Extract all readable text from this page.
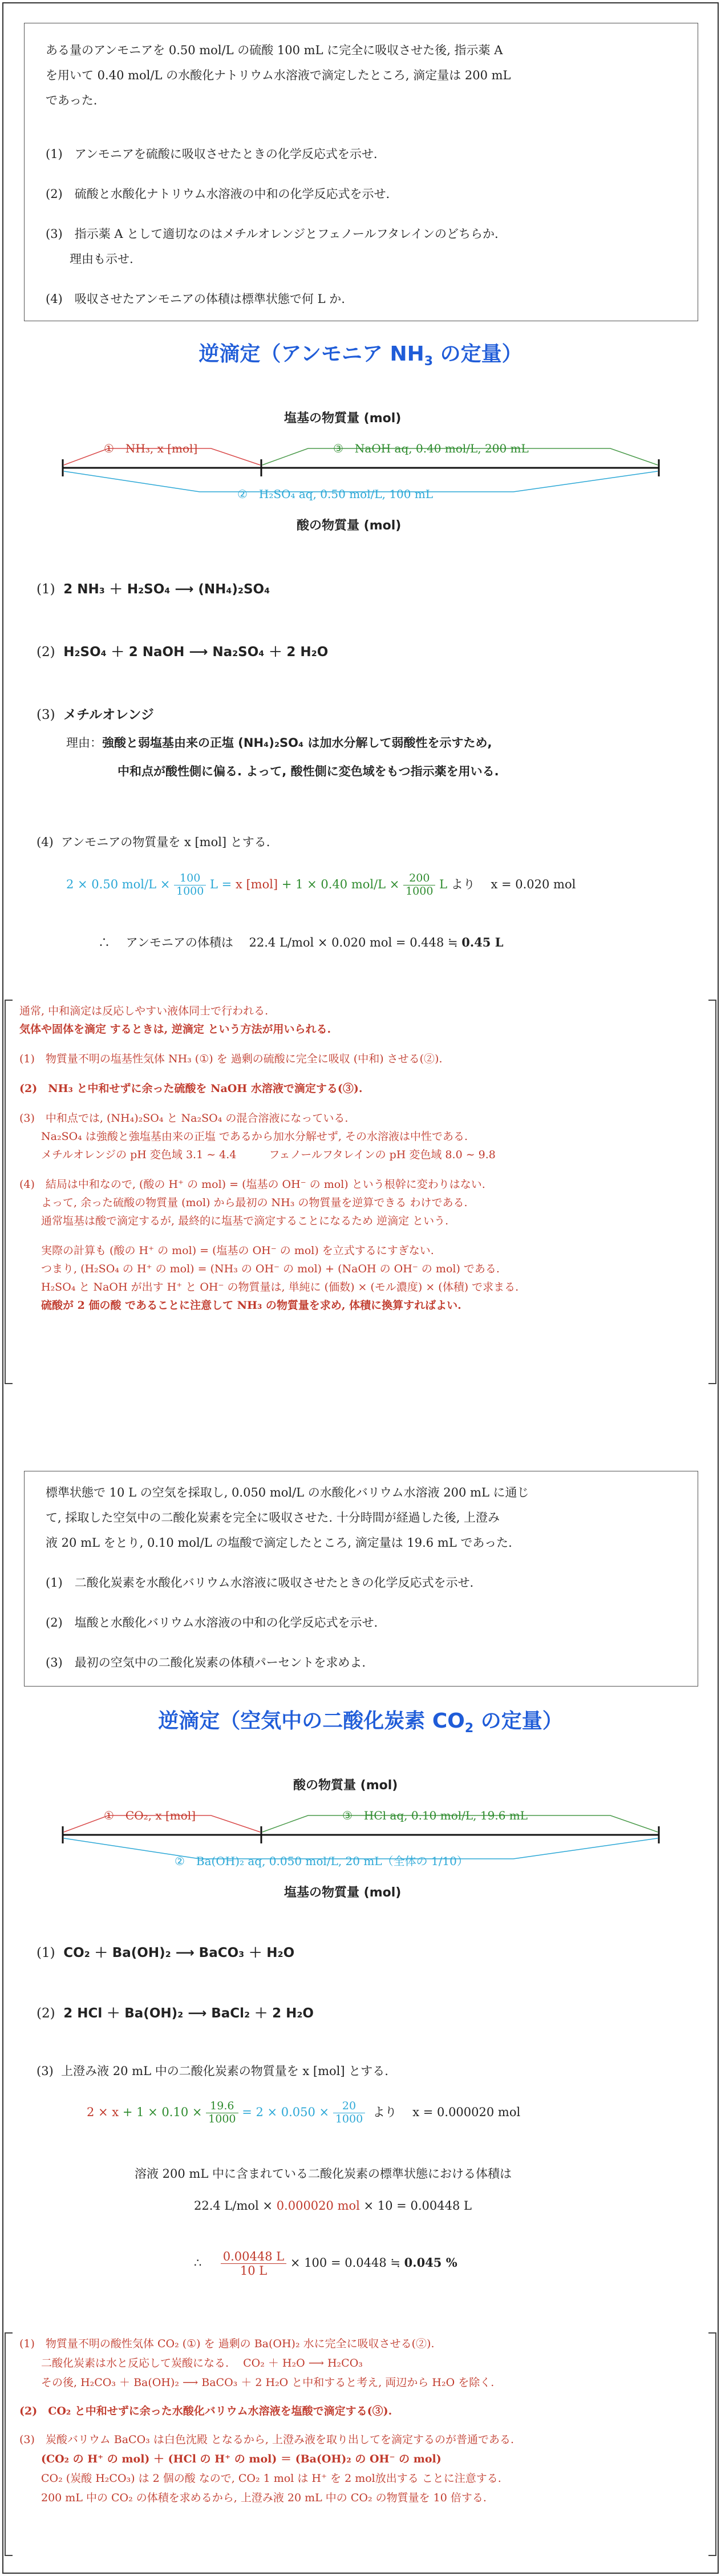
ある量のアンモニアを 0.50 mol/L の硫酸 100 mL に完全に吸収させた後, 指示薬 A
を用いて 0.40 mol/L の水酸化ナトリウム水溶液で滴定したところ, 滴定量は 200 mL
であった.
(1)　アンモニアを硫酸に吸収させたときの化学反応式を示せ.
(2)　硫酸と水酸化ナトリウム水溶液の中和の化学反応式を示せ.
(3)　指示薬 A として適切なのはメチルオレンジとフェノールフタレインのどちらか.
　　理由も示せ.
(4)　吸収させたアンモニアの体積は標準状態で何 L か.
逆滴定（アンモニア $NH_3$ の定量）
塩基の物質量 (mol)
①　NH₃, x [mol]	③　NaOH aq, 0.40 mol/L, 200 mL
②　H₂SO₄ aq, 0.50 mol/L, 100 mL
酸の物質量 (mol)
(1) 2 NH₃ ＋ H₂SO₄ ⟶ (NH₄)₂SO₄
(2) H₂SO₄ ＋ 2 NaOH ⟶ Na₂SO₄ ＋ 2 H₂O
(3) メチルオレンジ
理由：強酸と弱塩基由来の正塩 (NH₄)₂SO₄ は加水分解して弱酸性を示すため,
中和点が酸性側に偏る. よって, 酸性側に変色域をもつ指示薬を用いる.
(4) アンモニアの物質量を x [mol] とする.
2 × 0.50 $mol/L \times \frac{100}{1000}$ L = x [mol] + 1 × 0.40 $mol/L \times \frac{200}{1000}$ L より　 x = 0.020 mol
∴　 アンモニアの体積は　 22.4 L/mol × 0.020 mol = 0.448 ≒ 0.45 L
通常, 中和滴定は反応しやすい液体同士で行われる.
気体や固体を滴定 するときは, 逆滴定 という方法が用いられる.
(1)　物質量不明の塩基性気体 NH₃ (①) を 過剰の硫酸に完全に吸収 (中和) させる(②).
(2)　NH₃ と中和せずに余った硫酸を NaOH 水溶液で滴定する(③).
(3)　中和点では, (NH₄)₂SO₄ と Na₂SO₄ の混合溶液になっている.
　　Na₂SO₄ は強酸と強塩基由来の正塩 であるから加水分解せず, その水溶液は中性である.
　　メチルオレンジの pH 変色域 3.1 ∼ 4.4　　　フェノールフタレインの pH 変色域 8.0 ∼ 9.8
(4)　結局は中和なので, (酸の H⁺ の mol) = (塩基の OH⁻ の mol) という根幹に変わりはない.
　　よって, 余った硫酸の物質量 (mol) から最初の NH₃ の物質量を逆算できる わけである.
　　通常塩基は酸で滴定するが, 最終的に塩基で滴定することになるため 逆滴定 という.
　　実際の計算も (酸の H⁺ の mol) = (塩基の OH⁻ の mol) を立式するにすぎない.
　　つまり, (H₂SO₄ の H⁺ の mol) = (NH₃ の OH⁻ の mol) + (NaOH の OH⁻ の mol) である.
　　H₂SO₄ と NaOH が出す H⁺ と OH⁻ の物質量は, 単純に (価数) × (モル濃度) × (体積) で求まる.
　　硫酸が 2 価の酸 であることに注意して NH₃ の物質量を求め, 体積に換算すればよい.
標準状態で 10 L の空気を採取し, 0.050 mol/L の水酸化バリウム水溶液 200 mL に通じ
て, 採取した空気中の二酸化炭素を完全に吸収させた. 十分時間が経過した後, 上澄み
液 20 mL をとり, 0.10 mol/L の塩酸で滴定したところ, 滴定量は 19.6 mL であった.
(1)　二酸化炭素を水酸化バリウム水溶液に吸収させたときの化学反応式を示せ.
(2)　塩酸と水酸化バリウム水溶液の中和の化学反応式を示せ.
(3)　最初の空気中の二酸化炭素の体積パーセントを求めよ.
逆滴定（空気中の二酸化炭素 $CO_2$ の定量）
酸の物質量 (mol)
①　CO₂, x [mol]	③　HCl aq, 0.10 mol/L, 19.6 mL
②　Ba(OH)₂ aq, 0.050 mol/L, 20 mL（全体の 1/10）
塩基の物質量 (mol)
(1) CO₂ ＋ Ba(OH)₂ ⟶ BaCO₃ ＋ H₂O
(2) 2 HCl ＋ Ba(OH)₂ ⟶ BaCl₂ ＋ 2 H₂O
(3) 上澄み液 20 mL 中の二酸化炭素の物質量を x [mol] とする.
$2 \times x + 1 \times 0.10 \times \frac{19.6}{1000} = 2 \times 0.050 \times \frac{20}{1000}$ より　 x = 0.000020 mol
溶液 200 mL 中に含まれている二酸化炭素の標準状態における体積は
22.4 L/mol × 0.000020 mol × 10 = 0.00448 L
∴ $\frac{0.00448 L}{10 L} \times 100 = 0.0448$ ≒ 0.045 %
(1)　物質量不明の酸性気体 CO₂ (①) を 過剰の Ba(OH)₂ 水に完全に吸収させる(②).
　　二酸化炭素は水と反応して炭酸になる.　 CO₂ ＋ H₂O ⟶ H₂CO₃
　　その後, H₂CO₃ ＋ Ba(OH)₂ ⟶ BaCO₃ ＋ 2 H₂O と中和すると考え, 両辺から H₂O を除く.
(2)　CO₂ と中和せずに余った水酸化バリウム水溶液を塩酸で滴定する(③).
(3)　炭酸バリウム BaCO₃ は白色沈殿 となるから, 上澄み液を取り出してを滴定するのが普通である.
　　(CO₂ の H⁺ の mol) ＋ (HCl の H⁺ の mol) ＝ (Ba(OH)₂ の OH⁻ の mol)
　　CO₂ (炭酸 H₂CO₃) は 2 個の酸 なので, CO₂ 1 mol は H⁺ を 2 mol放出する ことに注意する.
　　200 mL 中の CO₂ の体積を求めるから, 上澄み液 20 mL 中の CO₂ の物質量を 10 倍する.
